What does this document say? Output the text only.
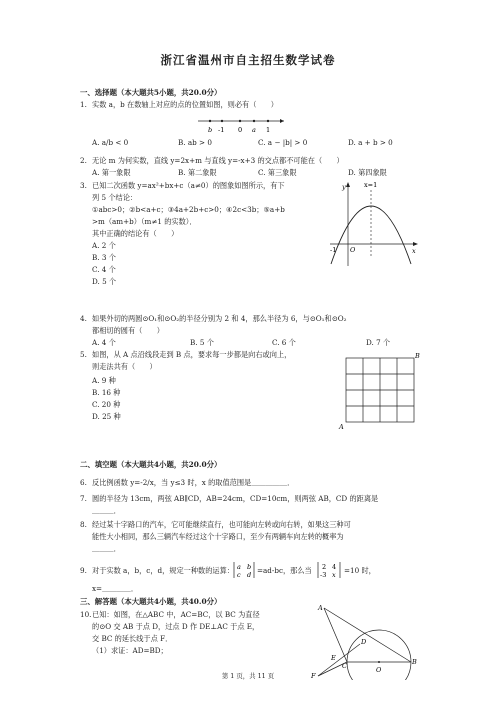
浙江省温州市自主招生数学试卷
一、选择题（本大题共5小题，共20.0分）
1. 实数 a，b 在数轴上对应的点的位置如图，则必有（　　）
b -1 0 a 1
A. a/b < 0	B. ab > 0	C. a − |b| > 0	D. a + b > 0
2. 无论 m 为何实数，直线 y=2x+m 与直线 y=-x+3 的交点都不可能在（　　）
A. 第一象限	B. 第二象限	C. 第三象限	D. 第四象限
3. 已知二次函数 y=ax²+bx+c（a≠0）的图象如图所示，有下
列 5 个结论：
①abc>0；②b<a+c；③4a+2b+c>0；④2c<3b；⑤a+b
>m（am+b）（m≠1 的实数）．
其中正确的结论有（　　）
A. 2 个
B. 3 个
C. 4 个
D. 5 个
y
x
x=1
-1 O
4. 如果外切的两圆⊙O₁和⊙O₂的半径分别为 2 和 4，那么半径为 6，与⊙O₁和⊙O₂
都相切的圆有（　　）
A. 4 个	B. 5 个	C. 6 个	D. 7 个
5. 如图，从 A 点沿线段走到 B 点，要求每一步都是向右或向上，
则走法共有（　　）
A. 9 种
B. 16 种
C. 20 种
D. 25 种
A
B
二、填空题（本大题共4小题，共20.0分）
6. 反比例函数 y=-2/x，当 y≤3 时，x 的取值范围是＿＿＿＿＿．
7. 圆的半径为 13cm，两弦 AB∥CD，AB=24cm，CD=10cm，则两弦 AB，CD 的距离是
＿＿＿．
8. 经过某十字路口的汽车，它可能继续直行，也可能向左转或向右转，如果这三种可
能性大小相同，那么三辆汽车经过这个十字路口，至少有两辆车向左转的概率为
＿＿＿．
9. 对于实数 a，b，c，d，规定一种数的运算： a b
c d =ad-bc，那么当 2 4
-3 x =10 时，
x=＿＿＿＿．
三、解答题（本大题共4小题，共40.0分）
10.已知：如图，在△ABC 中，AC=BC，以 BC 为直径
的⊙O 交 AB 于点 D，过点 D 作 DE⊥AC 于点 E，
交 BC 的延长线于点 F．
（1）求证：AD=BD；
A
B
C
D
E
F
O
第 1 页，共 11 页
